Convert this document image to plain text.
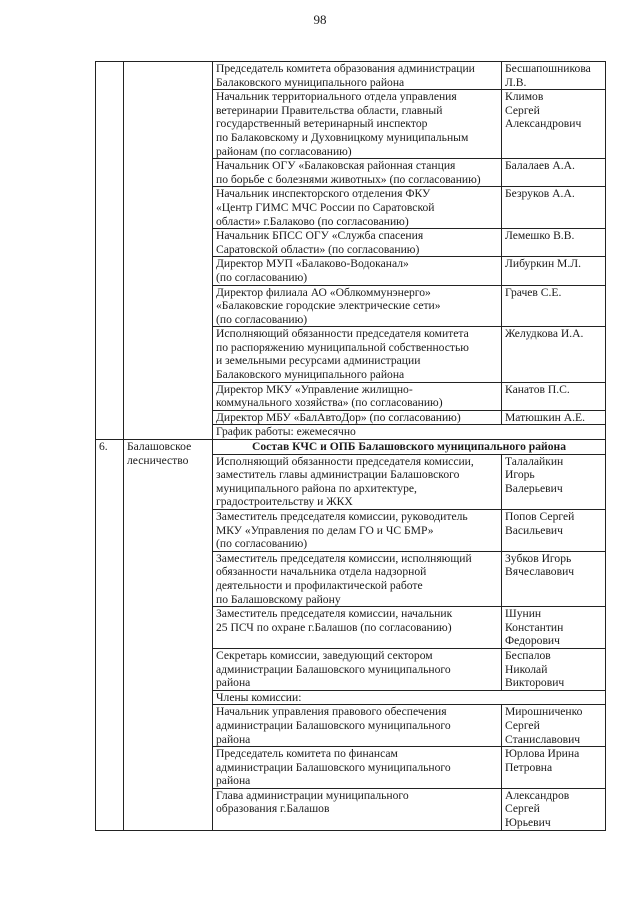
98

		Председатель комитета образования администрации
Балаковского муниципального района	Бесшапошникова
Л.В.

		Начальник территориального отдела управления
ветеринарии Правительства области, главный
государственный ветеринарный инспектор
по Балаковскому и Духовницкому муниципальным
районам (по согласованию)	Климов
Сергей
Александрович

		Начальник ОГУ «Балаковская районная станция
по борьбе с болезнями животных» (по согласованию)	Балалаев А.А.

		Начальник инспекторского отделения ФКУ
«Центр ГИМС МЧС России по Саратовской
области» г.Балаково (по согласованию)	Безруков А.А.

		Начальник БПСС ОГУ «Служба спасения
Саратовской области» (по согласованию)	Лемешко В.В.

		Директор МУП «Балаково-Водоканал»
(по согласованию)	Либуркин М.Л.

		Директор филиала АО «Облкоммунэнерго»
«Балаковские городские электрические сети»
(по согласованию)	Грачев С.Е.

		Исполняющий обязанности председателя комитета
по распоряжению муниципальной собственностью
и земельными ресурсами администрации
Балаковского муниципального района	Желудкова И.А.

		Директор МКУ «Управление жилищно-
коммунального хозяйства» (по согласованию)	Канатов П.С.

		Директор МБУ «БалАвтоДор» (по согласованию)	Матюшкин А.Е.

		График работы: ежемесячно	
6.	Балашовское
лесничество	Состав КЧС и ОПБ Балашовского муниципального района	

		Исполняющий обязанности председателя комиссии,
заместитель главы администрации Балашовского
муниципального района по архитектуре,
градостроительству и ЖКХ	Талалайкин
Игорь
Валерьевич

		Заместитель председателя комиссии, руководитель
МКУ «Управления по делам ГО и ЧС БМР»
(по согласованию)	Попов Сергей
Васильевич

		Заместитель председателя комиссии, исполняющий
обязанности начальника отдела надзорной
деятельности и профилактической работе
по Балашовскому району	Зубков Игорь
Вячеславович

		Заместитель председателя комиссии, начальник
25 ПСЧ по охране г.Балашов (по согласованию)	Шунин
Константин
Федорович

		Секретарь комиссии, заведующий сектором
администрации Балашовского муниципального
района	Беспалов
Николай
Викторович

		Члены комиссии:	

		Начальник управления правового обеспечения
администрации Балашовского муниципального
района	Мирошниченко
Сергей
Станиславович

		Председатель комитета по финансам
администрации Балашовского муниципального
района	Юрлова Ирина
Петровна

		Глава администрации муниципального
образования г.Балашов	Александров
Сергей
Юрьевич
